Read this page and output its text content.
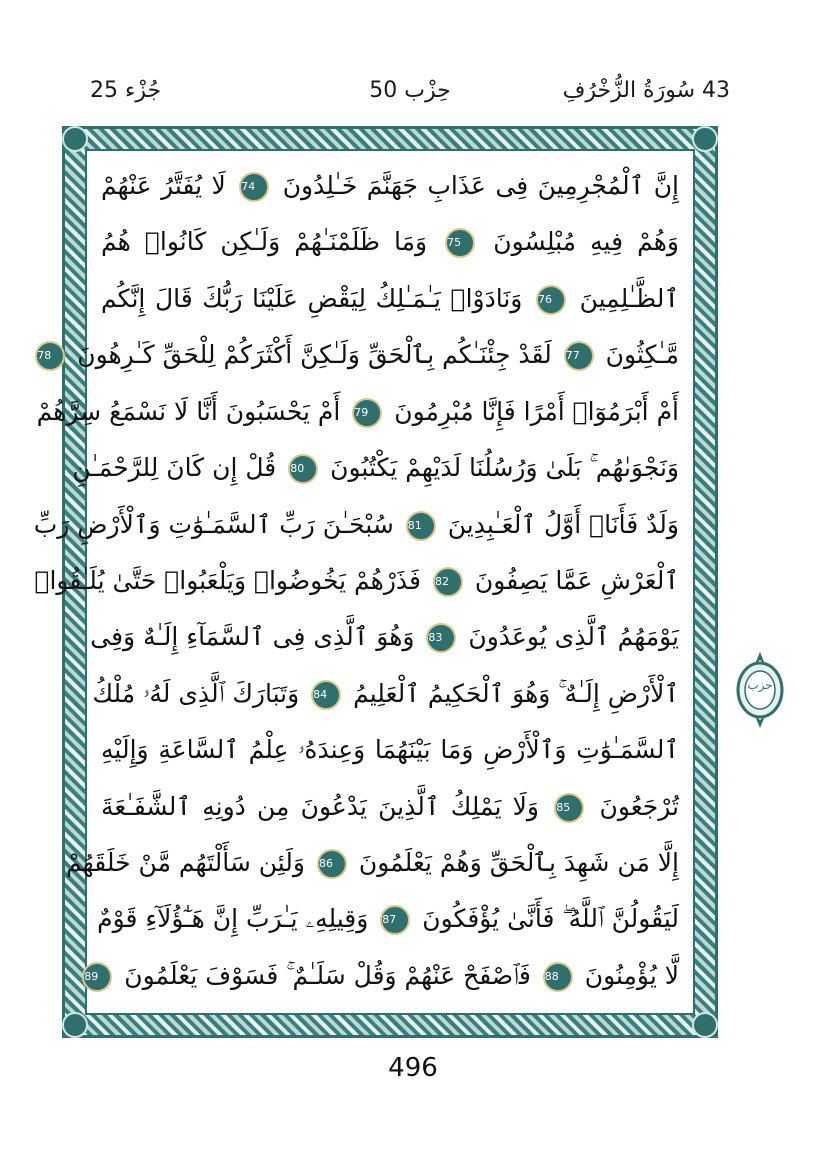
43 سُورَةُ الزُّخْرُفِ
حِزْب 50
جُزْء 25
إِنَّ ٱلْمُجْرِمِينَ فِى عَذَابِ جَهَنَّمَ خَـٰلِدُونَ 74 لَا يُفَتَّرُ عَنْهُمْ
وَهُمْ فِيهِ مُبْلِسُونَ 75 وَمَا ظَلَمْنَـٰهُمْ وَلَـٰكِن كَانُوا۟ هُمُ
ٱلظَّـٰلِمِينَ 76 وَنَادَوْا۟ يَـٰمَـٰلِكُ لِيَقْضِ عَلَيْنَا رَبُّكَ قَالَ إِنَّكُم
مَّـٰكِثُونَ 77 لَقَدْ جِئْنَـٰكُم بِٱلْحَقِّ وَلَـٰكِنَّ أَكْثَرَكُمْ لِلْحَقِّ كَـٰرِهُونَ 78
أَمْ أَبْرَمُوٓا۟ أَمْرًا فَإِنَّا مُبْرِمُونَ 79 أَمْ يَحْسَبُونَ أَنَّا لَا نَسْمَعُ سِرَّهُمْ
وَنَجْوَىٰهُم ۚ بَلَىٰ وَرُسُلُنَا لَدَيْهِمْ يَكْتُبُونَ 80 قُلْ إِن كَانَ لِلرَّحْمَـٰنِ
وَلَدٌ فَأَنَا۠ أَوَّلُ ٱلْعَـٰبِدِينَ 81 سُبْحَـٰنَ رَبِّ ٱلسَّمَـٰوَٰتِ وَٱلْأَرْضِ رَبِّ
ٱلْعَرْشِ عَمَّا يَصِفُونَ 82 فَذَرْهُمْ يَخُوضُوا۟ وَيَلْعَبُوا۟ حَتَّىٰ يُلَـٰقُوا۟
يَوْمَهُمُ ٱلَّذِى يُوعَدُونَ 83 وَهُوَ ٱلَّذِى فِى ٱلسَّمَآءِ إِلَـٰهٌ وَفِى
ٱلْأَرْضِ إِلَـٰهٌ ۚ وَهُوَ ٱلْحَكِيمُ ٱلْعَلِيمُ 84 وَتَبَارَكَ ٱلَّذِى لَهُۥ مُلْكُ
ٱلسَّمَـٰوَٰتِ وَٱلْأَرْضِ وَمَا بَيْنَهُمَا وَعِندَهُۥ عِلْمُ ٱلسَّاعَةِ وَإِلَيْهِ
تُرْجَعُونَ 85 وَلَا يَمْلِكُ ٱلَّذِينَ يَدْعُونَ مِن دُونِهِ ٱلشَّفَـٰعَةَ
إِلَّا مَن شَهِدَ بِٱلْحَقِّ وَهُمْ يَعْلَمُونَ 86 وَلَئِن سَأَلْتَهُم مَّنْ خَلَقَهُمْ
لَيَقُولُنَّ ٱللَّهُ ۖ فَأَنَّىٰ يُؤْفَكُونَ 87 وَقِيلِهِۦ يَـٰرَبِّ إِنَّ هَـٰٓؤُلَآءِ قَوْمٌ
لَّا يُؤْمِنُونَ 88 فَٱصْفَحْ عَنْهُمْ وَقُلْ سَلَـٰمٌ ۚ فَسَوْفَ يَعْلَمُونَ 89
حزب
496
